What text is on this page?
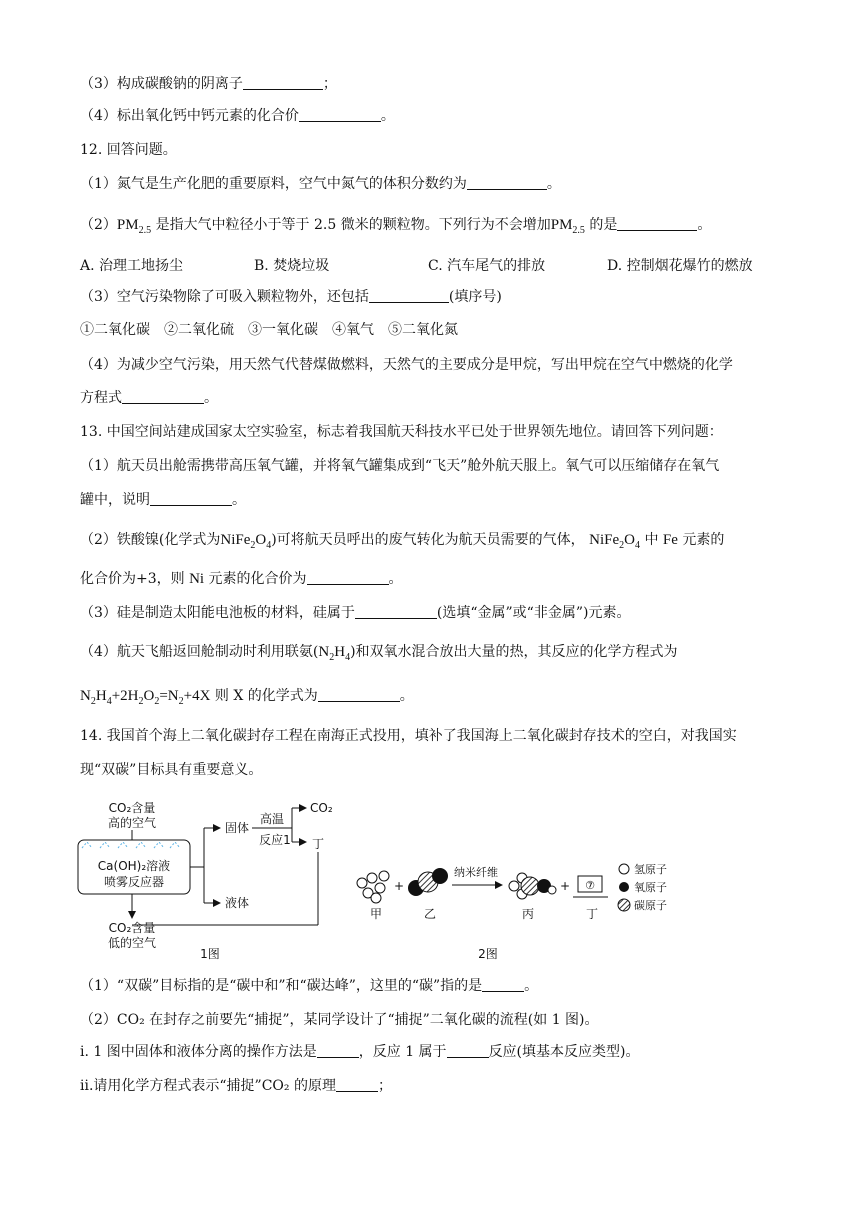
（3）构成碳酸钠的阴离子	；
（4）标出氧化钙中钙元素的化合价	。
12. 回答问题。
（1）氮气是生产化肥的重要原料，空气中氮气的体积分数约为	。
$(2)PM_{2.5}$ 是指大气中粒径小于等于 2.5 微米的颗粒物。下列行为不会增加$PM_{2.5}$ 的是	。
A. 治理工地扬尘	B. 焚烧垃圾	C. 汽车尾气的排放	D. 控制烟花爆竹的燃放
（3）空气污染物除了可吸入颗粒物外，还包括	(填序号)
①二氧化碳　②二氧化硫　③一氧化碳　④氧气　⑤二氧化氮
（4）为减少空气污染，用天然气代替煤做燃料，天然气的主要成分是甲烷，写出甲烷在空气中燃烧的化学
方程式	。
13. 中国空间站建成国家太空实验室，标志着我国航天科技水平已处于世界领先地位。请回答下列问题：
（1）航天员出舱需携带高压氧气罐，并将氧气罐集成到“飞天”舱外航天服上。氧气可以压缩储存在氧气
罐中，说明	。
（2）铁酸镍(化学式为$NiFe_2O_4$)可将航天员呼出的废气转化为航天员需要的气体， $NiFe_2O_4$ 中 Fe 元素的
化合价为+3，则 Ni 元素的化合价为	。
（3）硅是制造太阳能电池板的材料，硅属于	(选填“金属”或“非金属”)元素。
（4）航天飞船返回舱制动时利用联氨$(N_2H_4)$和双氧水混合放出大量的热，其反应的化学方程式为
$N_2H_4+2H_2O_2=N_2+4X$ 则 X 的化学式为	。
14. 我国首个海上二氧化碳封存工程在南海正式投用，填补了我国海上二氧化碳封存技术的空白，对我国实
现“双碳”目标具有重要意义。
CO₂含量
高的空气
Ca(OH)₂溶液
喷雾反应器
CO₂含量
低的空气
固体
液体
高温
反应1
CO₂
丁
1图
甲
+
乙
纳米纤维
丙
+ ⑦
丁
氢原子
氧原子
碳原子
2图
（1）“双碳”目标指的是“碳中和”和“碳达峰”，这里的“碳”指的是	。
（2）CO₂ 在封存之前要先“捕捉”，某同学设计了“捕捉”二氧化碳的流程(如 1 图)。
i. 1 图中固体和液体分离的操作方法是	，反应 1 属于	反应(填基本反应类型)。
ⅱ.请用化学方程式表示“捕捉”CO₂ 的原理	；
